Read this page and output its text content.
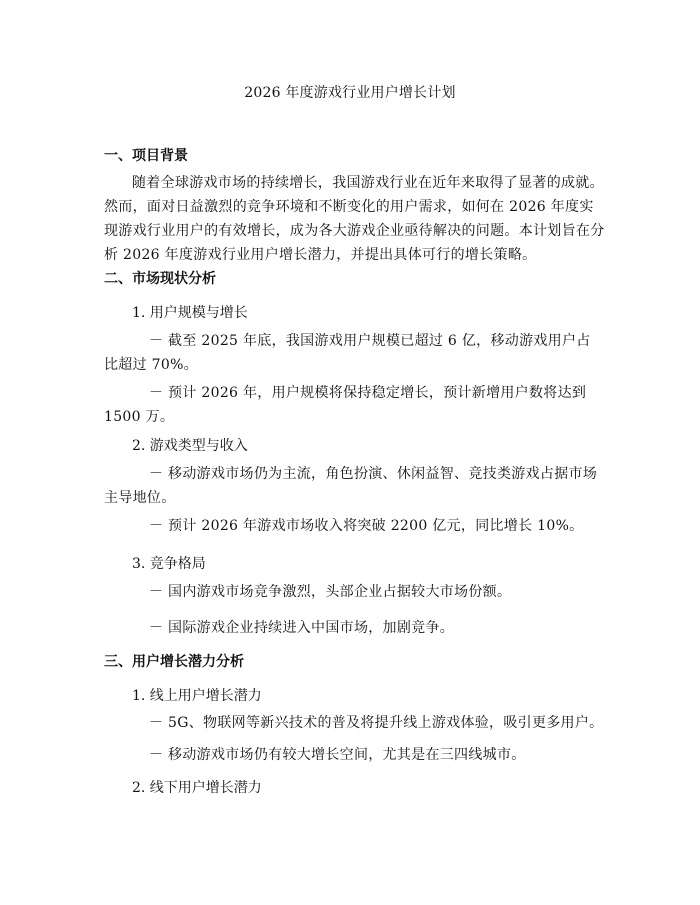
2026 年度游戏行业用户增长计划
一、项目背景
随着全球游戏市场的持续增长，我国游戏行业在近年来取得了显著的成就。然而，面对日益激烈的竞争环境和不断变化的用户需求，如何在 2026 年度实现游戏行业用户的有效增长，成为各大游戏企业亟待解决的问题。本计划旨在分析 2026 年度游戏行业用户增长潜力，并提出具体可行的增长策略。
二、市场现状分析
1. 用户规模与增长
－ 截至 2025 年底，我国游戏用户规模已超过 6 亿，移动游戏用户占比超过 70%。
－ 预计 2026 年，用户规模将保持稳定增长，预计新增用户数将达到 1500 万。
2. 游戏类型与收入
－ 移动游戏市场仍为主流，角色扮演、休闲益智、竞技类游戏占据市场主导地位。
－ 预计 2026 年游戏市场收入将突破 2200 亿元，同比增长 10%。
3. 竞争格局
－ 国内游戏市场竞争激烈，头部企业占据较大市场份额。
－ 国际游戏企业持续进入中国市场，加剧竞争。
三、用户增长潜力分析
1. 线上用户增长潜力
－ 5G、物联网等新兴技术的普及将提升线上游戏体验，吸引更多用户。
－ 移动游戏市场仍有较大增长空间，尤其是在三四线城市。
2. 线下用户增长潜力
